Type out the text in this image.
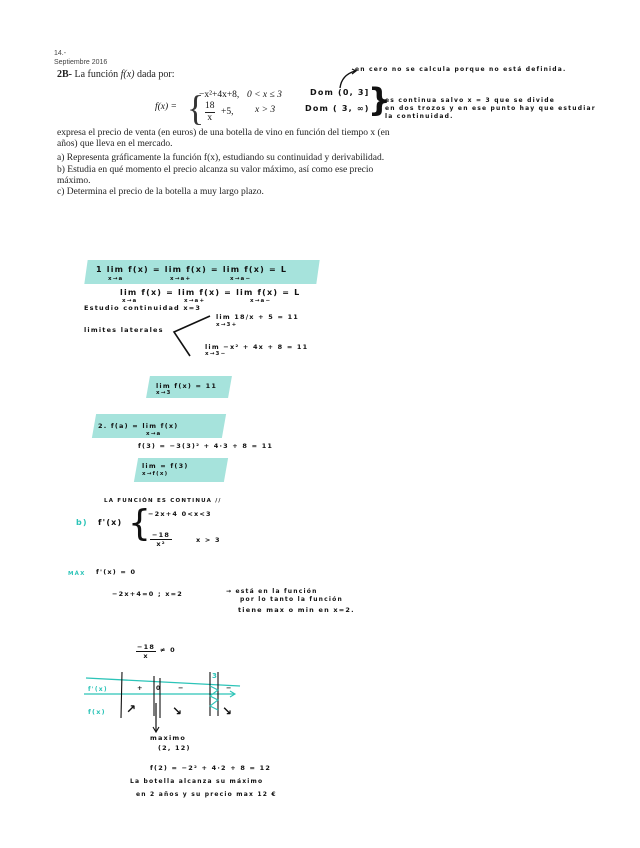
14.-
Septiembre 2016
2B- La función f(x) dada por:
f(x) = {
−x²+4x+8, 0 < x ≤ 3
$\frac{18}{x} +5$, x > 3
en cero no se calcula porque no está definida.
Dom (0, 3]
Dom ( 3, ∞)
}
es continua salvo x = 3 que se divide
en dos trozos y en ese punto hay que estudiar
la continuidad.
expresa el precio de venta (en euros) de una botella de vino en función del tiempo x (en
años) que lleva en el mercado.
a) Representa gráficamente la función f(x), estudiando su continuidad y derivabilidad.
b) Estudia en qué momento el precio alcanza su valor máximo, así como ese precio
máximo.
c) Determina el precio de la botella a muy largo plazo.
1 lim f(x) = lim f(x) = lim f(x) = L
x→a	x→a+	x→a−
lim f(x) = lim f(x) = lim f(x) = L
x→a	x→a+	x→a−
Estudio continuidad x=3
limites laterales
lim 18/x + 5 = 11
x→3+
lim −x² + 4x + 8 = 11
x→3−
lim f(x) = 11
x→3
2. f(a) = lim f(x)
x→a
f(3) = −3(3)² + 4·3 + 8 = 11
lim = f(3)
x→f(x)
LA FUNCIÓN ES CONTINUA //
b) f'(x) {
−2x+4 0<x<3
−18
x²	x > 3
MÁX f'(x) = 0
−2x+4=0 ; x=2	→ está en la función
por lo tanto la función
tiene max o min en x=2.
−18
x
≠ 0
f'(x)
f(x)
+ 0	−	−
3
↗	↘	↘
maximo
(2, 12)
f(2) = −2² + 4·2 + 8 = 12
La botella alcanza su máximo
en 2 años y su precio max 12 €
